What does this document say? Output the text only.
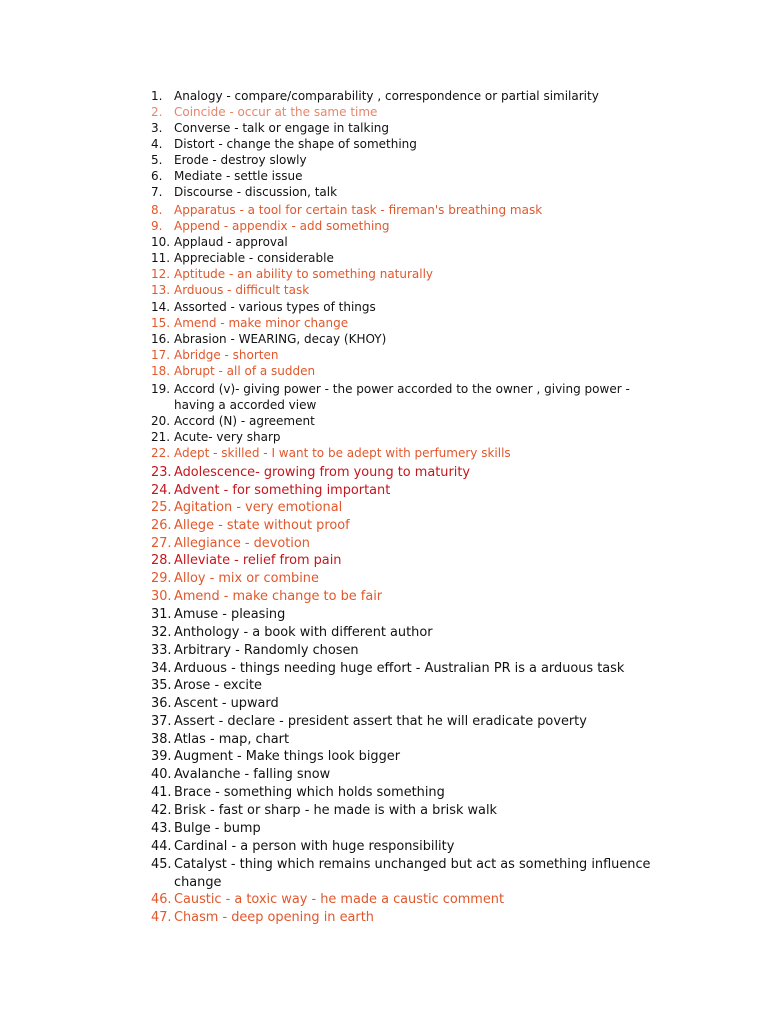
1. Analogy - compare/comparability , correspondence or partial similarity
2. Coincide - occur at the same time
3. Converse - talk or engage in talking
4. Distort - change the shape of something
5. Erode - destroy slowly
6. Mediate - settle issue
7. Discourse - discussion, talk
8. Apparatus - a tool for certain task - fireman's breathing mask
9. Append - appendix - add something
10. Applaud - approval
11. Appreciable - considerable
12. Aptitude - an ability to something naturally
13. Arduous - difficult task
14. Assorted - various types of things
15. Amend - make minor change
16. Abrasion - WEARING, decay (KHOY)
17. Abridge - shorten
18. Abrupt - all of a sudden
19. Accord (v)- giving power - the power accorded to the owner , giving power - having a accorded view
20. Accord (N) - agreement
21. Acute- very sharp
22. Adept - skilled - I want to be adept with perfumery skills
23. Adolescence- growing from young to maturity
24. Advent - for something important
25. Agitation - very emotional
26. Allege - state without proof
27. Allegiance - devotion
28. Alleviate - relief from pain
29. Alloy - mix or combine
30. Amend - make change to be fair
31. Amuse - pleasing
32. Anthology - a book with different author
33. Arbitrary - Randomly chosen
34. Arduous - things needing huge effort - Australian PR is a arduous task
35. Arose - excite
36. Ascent - upward
37. Assert - declare - president assert that he will eradicate poverty
38. Atlas - map, chart
39. Augment - Make things look bigger
40. Avalanche - falling snow
41. Brace - something which holds something
42. Brisk - fast or sharp - he made is with a brisk walk
43. Bulge - bump
44. Cardinal - a person with huge responsibility
45. Catalyst - thing which remains unchanged but act as something influence change
46. Caustic - a toxic way - he made a caustic comment
47. Chasm - deep opening in earth
